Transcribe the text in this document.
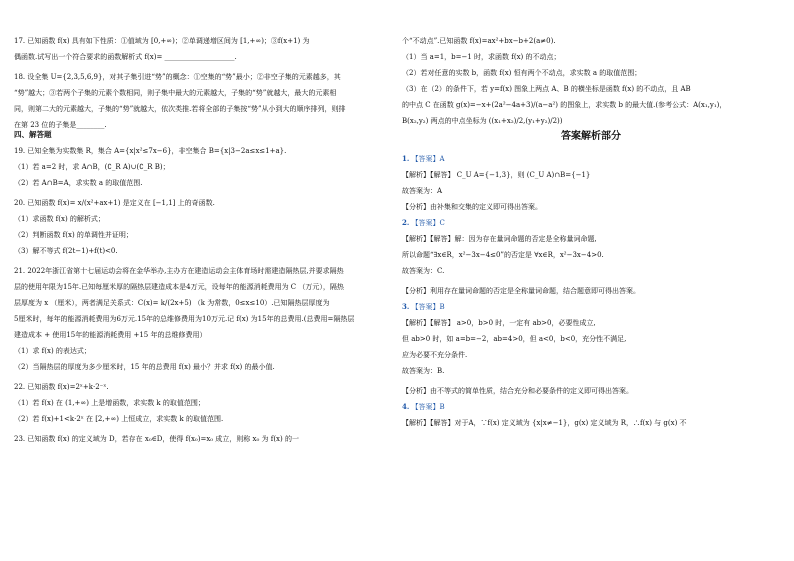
17. 已知函数 f(x) 具有如下性质：①值域为 [0,+∞)；②单调递增区间为 [1,+∞)；③f(x+1) 为

偶函数.试写出一个符合要求的函数解析式 f(x)= ____________________.

18. 设全集 U={2,3,5,6,9}，对其子集引进“势”的概念：①空集的“势”最小；②非空子集的元素越多，其

“势”越大；③若两个子集的元素个数相同，则子集中最大的元素越大，子集的“势”就越大，最大的元素相

同，则第二大的元素越大，子集的“势”就越大，依次类推.若将全部的子集按“势”从小到大的顺序排列，则排

在第 23 位的子集是________.

四、解答题

19. 已知全集为实数集 R，集合 A={x|x²≤7x−6}，非空集合 B={x|3−2a≤x≤1+a}.

（1）若 a=2 时，求 A∩B，(∁_R A)∪(∁_R B)；

（2）若 A∩B=A，求实数 a 的取值范围.

20. 已知函数 f(x)= x/(x²+ax+1) 是定义在 [−1,1] 上的奇函数.

（1）求函数 f(x) 的解析式；

（2）判断函数 f(x) 的单调性并证明；

（3）解不等式 f(2t−1)+f(t)<0.

21. 2022年浙江省第十七届运动会将在金华举办,主办方在建造运动会主体育场时需建造隔热层,并要求隔热

层的使用年限为15年.已知每厘米厚的隔热层建造成本是4万元，设每年的能源消耗费用为 C （万元），隔热

层厚度为 x （厘米），两者满足关系式：C(x)= k/(2x+5) （k 为常数，0≤x≤10）.已知隔热层厚度为

5厘米时，每年的能源消耗费用为6万元.15年的总维修费用为10万元.记 f(x) 为15年的总费用.(总费用=隔热层

建造成本 + 使用15年的能源消耗费用 +15 年的总维修费用）

（1）求 f(x) 的表达式；

（2）当隔热层的厚度为多少厘米时，15 年的总费用 f(x) 最小？并求 f(x) 的最小值.

22. 已知函数 f(x)=2ˣ+k·2⁻ˣ.

（1）若 f(x) 在 (1,+∞) 上是增函数，求实数 k 的取值范围；

（2）若 f(x)+1<k·2ˣ 在 [2,+∞) 上恒成立，求实数 k 的取值范围.

23. 已知函数 f(x) 的定义域为 D，若存在 x₀∈D，使得 f(x₀)=x₀ 成立，则称 x₀ 为 f(x) 的一

个“不动点”.已知函数 f(x)=ax²+bx−b+2(a≠0).

（1）当 a=1，b=−1 时，求函数 f(x) 的不动点；

（2）若对任意的实数 b，函数 f(x) 恒有两个不动点，求实数 a 的取值范围；

（3）在（2）的条件下，若 y=f(x) 图象上两点 A、B 的横坐标是函数 f(x) 的不动点，且 AB

的中点 C 在函数 g(x)=−x+(2a²−4a+3)/(a−a²) 的图象上，求实数 b 的最大值.(参考公式：A(x₁,y₁)，

B(x₂,y₂) 两点的中点坐标为 ((x₁+x₂)/2,(y₁+y₂)/2))

答案解析部分

1. 【答案】A

【解析】【解答】 C_U A={−1,3}，则 (C_U A)∩B={−1}

故答案为：A

【分析】由补集和交集的定义即可得出答案。

2. 【答案】C

【解析】【解答】解：因为存在量词命题的否定是全称量词命题,

所以命题“∃x∈R，x²−3x−4≤0”的否定是 ∀x∈R，x²−3x−4>0.

故答案为：C.

【分析】利用存在量词命题的否定是全称量词命题，结合题意即可得出答案。

3. 【答案】B

【解析】【解答】 a>0，b>0 时，一定有 ab>0，必要性成立,

但 ab>0 时，如 a=b=−2，ab=4>0，但 a<0，b<0，充分性不满足,

应为必要不充分条件.

故答案为：B.

【分析】由不等式的简单性质，结合充分和必要条件的定义即可得出答案。

4. 【答案】B

【解析】【解答】对于A，∵f(x) 定义域为 {x|x≠−1}，g(x) 定义域为 R，∴f(x) 与 g(x) 不
